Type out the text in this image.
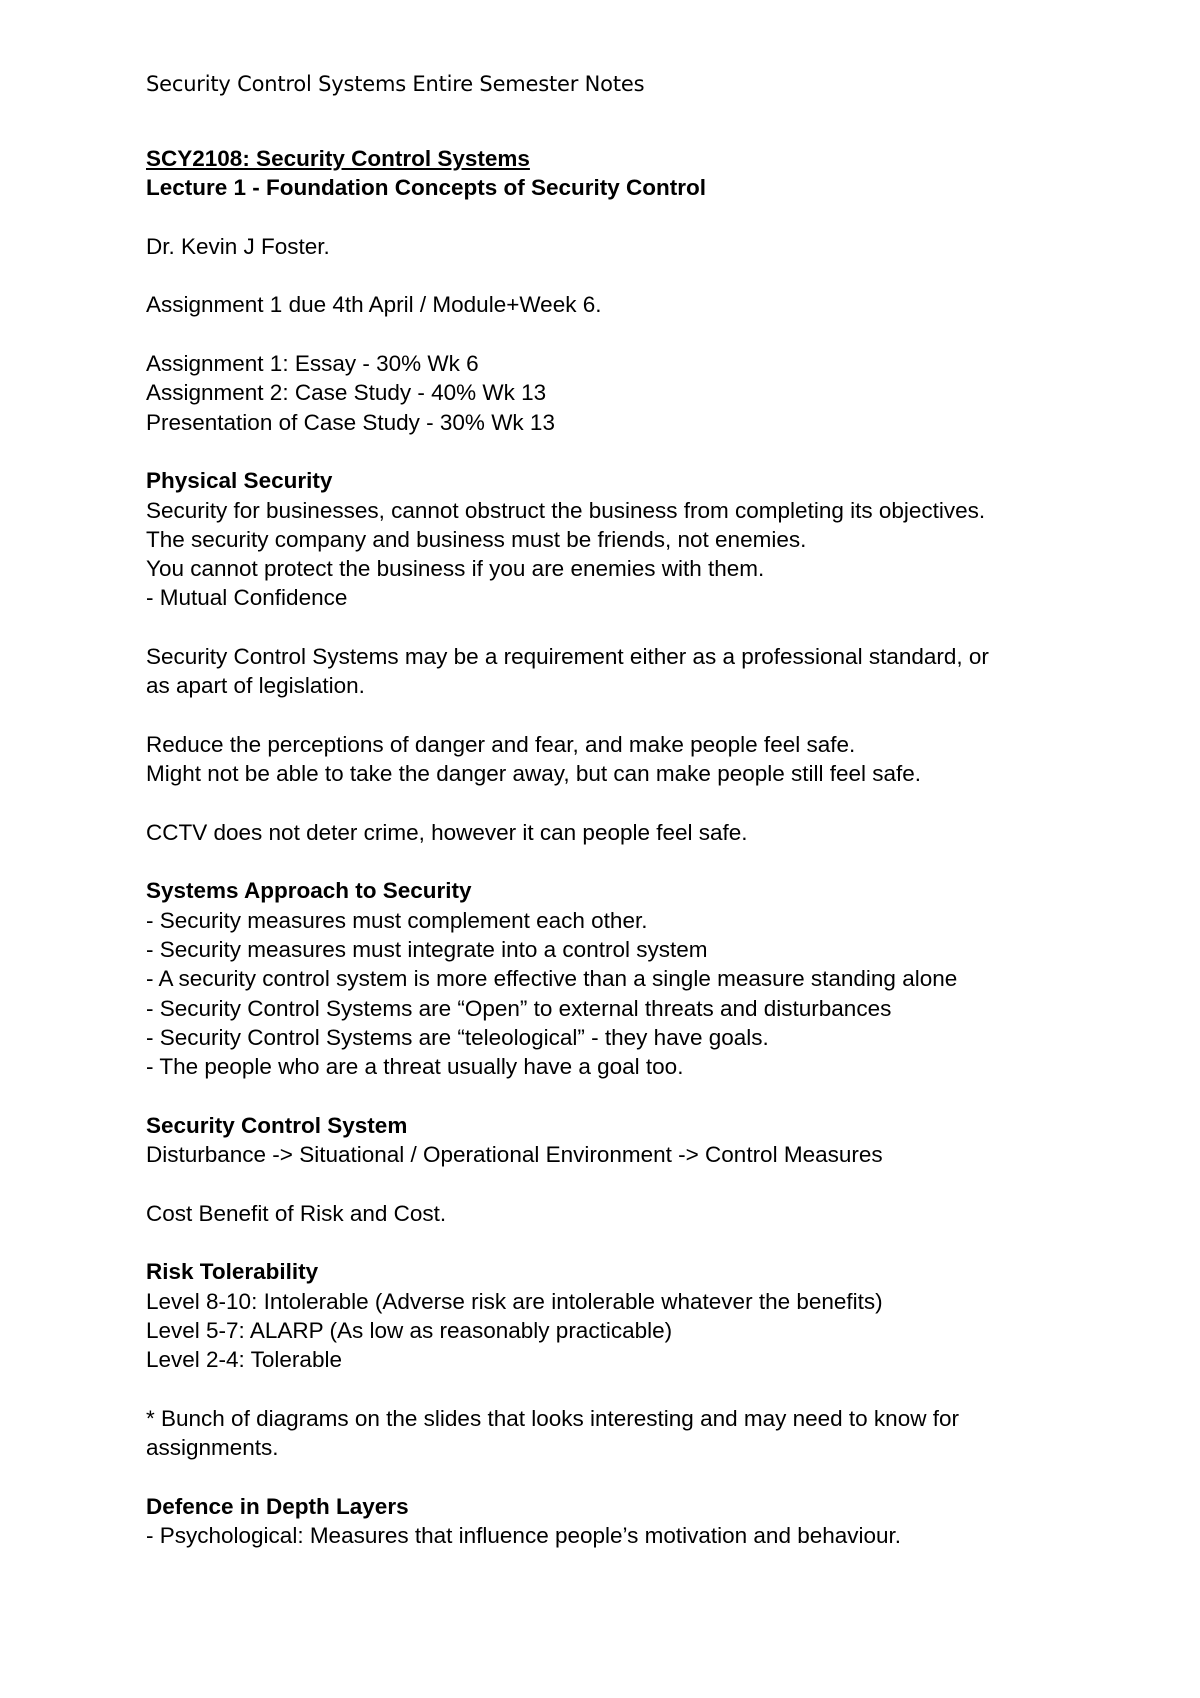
Security Control Systems Entire Semester Notes
SCY2108: Security Control Systems
Lecture 1 - Foundation Concepts of Security Control
Dr. Kevin J Foster.
Assignment 1 due 4th April / Module+Week 6.
Assignment 1: Essay - 30% Wk 6
Assignment 2: Case Study - 40% Wk 13
Presentation of Case Study - 30% Wk 13
Physical Security
Security for businesses, cannot obstruct the business from completing its objectives.
The security company and business must be friends, not enemies.
You cannot protect the business if you are enemies with them.
- Mutual Confidence
Security Control Systems may be a requirement either as a professional standard, or
as apart of legislation.
Reduce the perceptions of danger and fear, and make people feel safe.
Might not be able to take the danger away, but can make people still feel safe.
CCTV does not deter crime, however it can people feel safe.
Systems Approach to Security
- Security measures must complement each other.
- Security measures must integrate into a control system
- A security control system is more effective than a single measure standing alone
- Security Control Systems are “Open” to external threats and disturbances
- Security Control Systems are “teleological” - they have goals.
- The people who are a threat usually have a goal too.
Security Control System
Disturbance -> Situational / Operational Environment -> Control Measures
Cost Benefit of Risk and Cost.
Risk Tolerability
Level 8-10: Intolerable (Adverse risk are intolerable whatever the benefits)
Level 5-7: ALARP (As low as reasonably practicable)
Level 2-4: Tolerable
* Bunch of diagrams on the slides that looks interesting and may need to know for
assignments.
Defence in Depth Layers
- Psychological: Measures that influence people’s motivation and behaviour.
